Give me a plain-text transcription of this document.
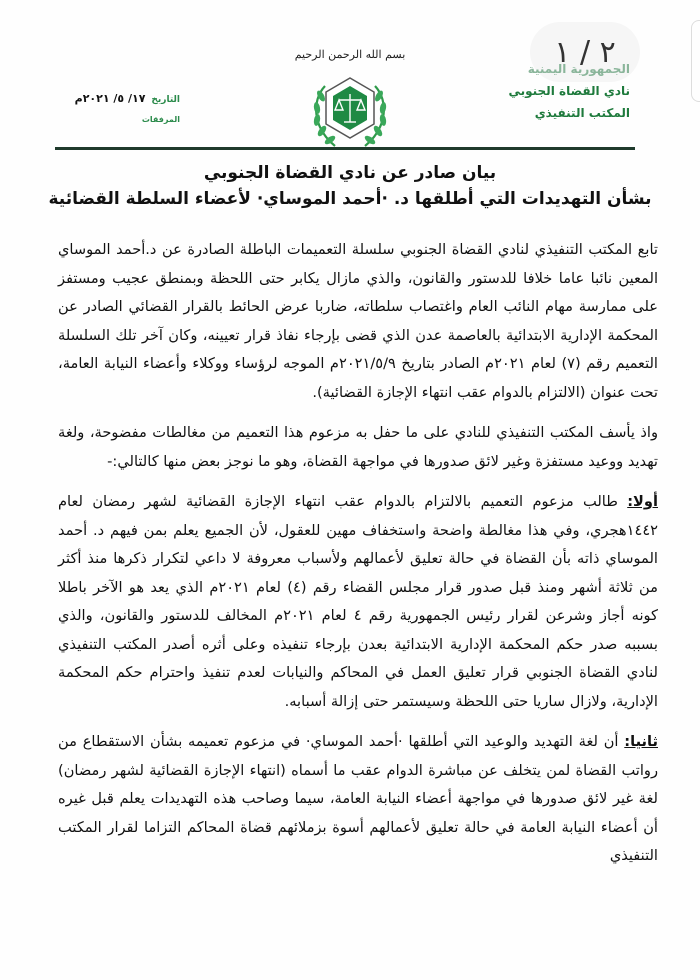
٢ / ١
الجمهورية اليمنية
نادي القضاة الجنوبي
المكتب التنفيذي
بسم الله الرحمن الرحيم
التاريخ
١٧/ ٥/ ٢٠٢١م
المرفقات
بيان صادر عن نادي القضاة الجنوبي
بشأن التهديدات التي أطلقها د. ·أحمد الموساي· لأعضاء السلطة القضائية

تابع المكتب التنفيذي لنادي القضاة الجنوبي سلسلة التعميمات الباطلة الصادرة عن د.أحمد الموساي المعين نائبا عاما خلافا للدستور والقانون، والذي مازال يكابر حتى اللحظة وبمنطق عجيب ومستفز على ممارسة مهام النائب العام واغتصاب سلطاته، ضاربا عرض الحائط بالقرار القضائي الصادر عن المحكمة الإدارية الابتدائية بالعاصمة عدن الذي قضى بإرجاء نفاذ قرار تعيينه، وكان آخر تلك السلسلة التعميم رقم (٧) لعام ٢٠٢١م الصادر بتاريخ ٢٠٢١/٥/٩م الموجه لرؤساء ووكلاء وأعضاء النيابة العامة، تحت عنوان (الالتزام بالدوام عقب انتهاء الإجازة القضائية).

واذ يأسف المكتب التنفيذي للنادي على ما حفل به مزعوم هذا التعميم من مغالطات مفضوحة، ولغة تهديد ووعيد مستفزة وغير لائق صدورها في مواجهة القضاة، وهو ما نوجز بعض منها كالتالي:-

أولا: طالب مزعوم التعميم بالالتزام بالدوام عقب انتهاء الإجازة القضائية لشهر رمضان لعام ١٤٤٢هجري، وفي هذا مغالطة واضحة واستخفاف مهين للعقول، لأن الجميع يعلم بمن فيهم د. أحمد الموساي ذاته بأن القضاة في حالة تعليق لأعمالهم ولأسباب معروفة لا داعي لتكرار ذكرها منذ أكثر من ثلاثة أشهر ومنذ قبل صدور قرار مجلس القضاء رقم (٤) لعام ٢٠٢١م الذي يعد هو الآخر باطلا كونه أجاز وشرعن لقرار رئيس الجمهورية رقم ٤ لعام ٢٠٢١م المخالف للدستور والقانون، والذي بسببه صدر حكم المحكمة الإدارية الابتدائية بعدن بإرجاء تنفيذه وعلى أثره أصدر المكتب التنفيذي لنادي القضاة الجنوبي قرار تعليق العمل في المحاكم والنيابات لعدم تنفيذ واحترام حكم المحكمة الإدارية، ولازال ساريا حتى اللحظة وسيستمر حتى إزالة أسبابه.

ثانيا: أن لغة التهديد والوعيد التي أطلقها ·أحمد الموساي· في مزعوم تعميمه بشأن الاستقطاع من رواتب القضاة لمن يتخلف عن مباشرة الدوام عقب ما أسماه (انتهاء الإجازة القضائية لشهر رمضان) لغة غير لائق صدورها في مواجهة أعضاء النيابة العامة، سيما وصاحب هذه التهديدات يعلم قبل غيره أن أعضاء النيابة العامة في حالة تعليق لأعمالهم أسوة بزملائهم قضاة المحاكم التزاما لقرار المكتب التنفيذي
